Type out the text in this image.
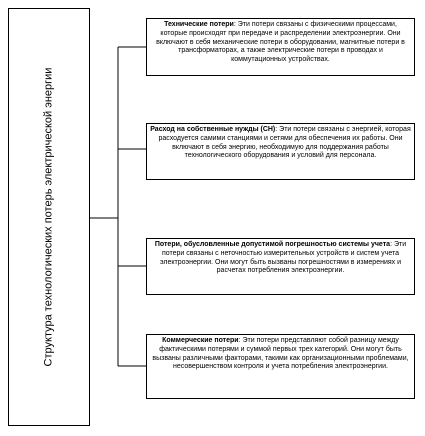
Структура технологических потерь электрической энергии
Технические потери: Эти потери связаны с физическими процессами, которые происходят при передаче и распределении электроэнергии. Они включают в себя механические потери в оборудовании, магнитные потери в трансформаторах, а также электрические потери в проводах и коммутационных устройствах.
Расход на собственные нужды (СН): Эти потери связаны с энергией, которая расходуется самими станциями и сетями для обеспечения их работы. Они включают в себя энергию, необходимую для поддержания работы технологического оборудования и условий для персонала.
Потери, обусловленные допустимой погрешностью системы учета: Эти потери связаны с неточностью измерительных устройств и систем учета электроэнергии. Они могут быть вызваны погрешностями в измерениях и расчетах потребления электроэнергии.
Коммерческие потери: Эти потери представляют собой разницу между фактическими потерями и суммой первых трех категорий. Они могут быть вызваны различными факторами, такими как организационными проблемами, несовершенством контроля и учета потребления электроэнергии.
